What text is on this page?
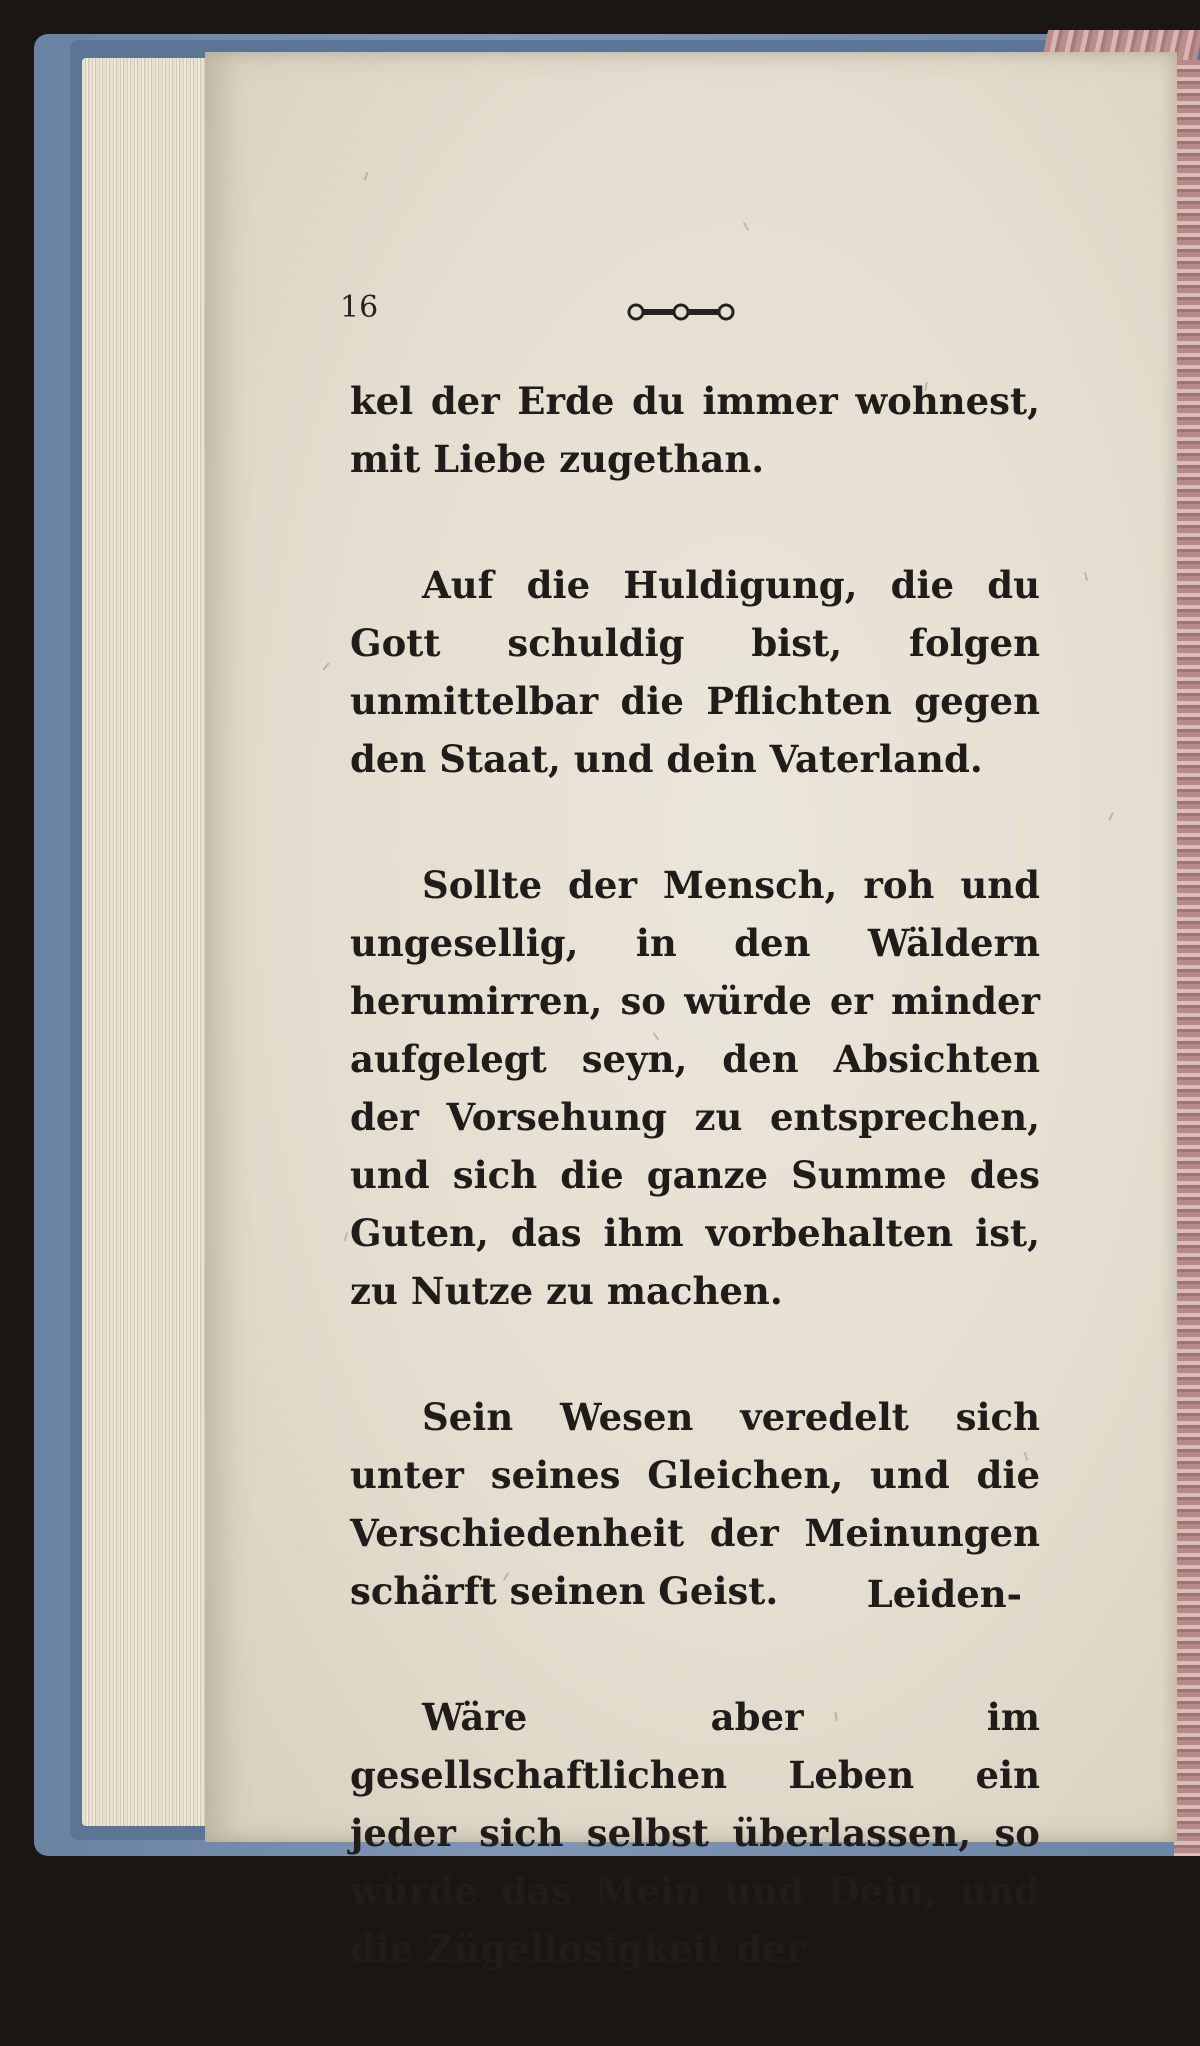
16

kel der Erde du immer wohnest, mit Liebe zugethan.

Auf die Huldigung, die du Gott schuldig bist, folgen unmittelbar die Pflichten gegen den Staat, und dein Vaterland.

Sollte der Mensch, roh und ungesellig, in den Wäldern herumirren, so würde er minder aufgelegt seyn, den Absichten der Vorsehung zu entsprechen, und sich die ganze Summe des Guten, das ihm vorbehalten ist, zu Nutze zu machen.

Sein Wesen veredelt sich unter seines Gleichen, und die Verschiedenheit der Meinungen schärft seinen Geist.

Wäre aber im gesellschaftlichen Leben ein jeder sich selbst überlassen, so würde das Mein und Dein, und die Zügellosigkeit der

Leiden-
